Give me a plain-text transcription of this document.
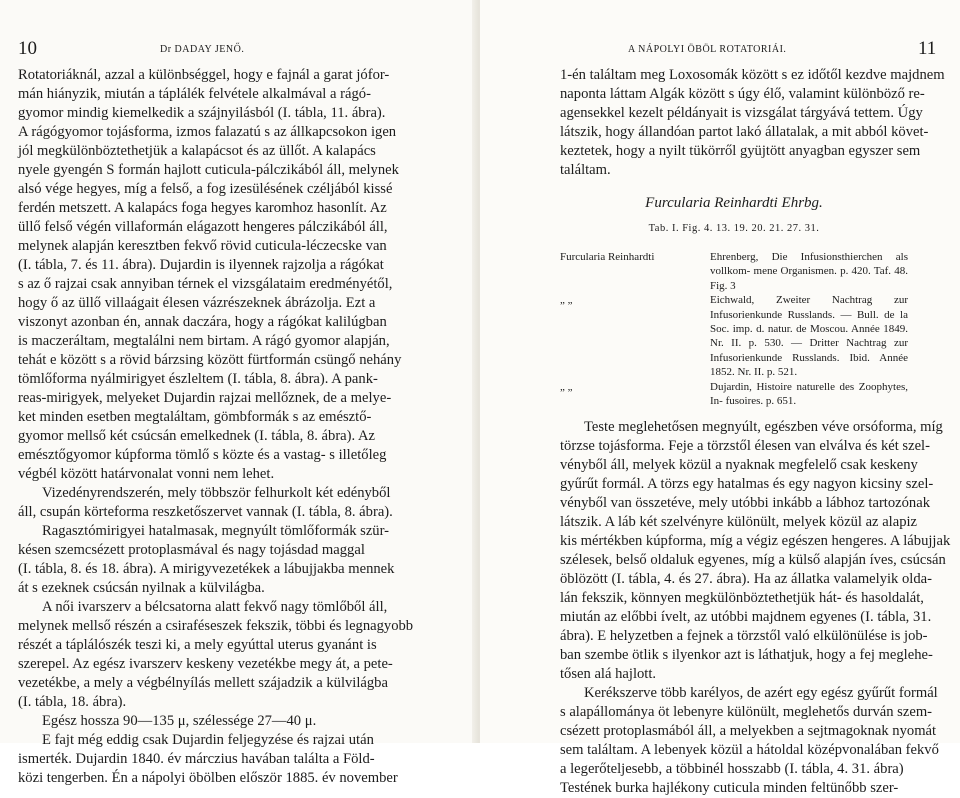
10	Dr DADAY JENŐ.
Rotatoriáknál, azzal a különbséggel, hogy e fajnál a garat jófor-
mán hiányzik, miután a táplálék felvétele alkalmával a rágó-
gyomor mindig kiemelkedik a szájnyilásból (I. tábla, 11. ábra).
A rágógyomor tojásforma, izmos falazatú s az állkapcsokon igen
jól megkülönböztethetjük a kalapácsot és az üllőt. A kalapács
nyele gyengén S formán hajlott cuticula-pálczikából áll, melynek
alsó vége hegyes, míg a felső, a fog izesülésének czéljából kissé
ferdén metszett. A kalapács foga hegyes karomhoz hasonlít. Az
üllő felső végén villaformán elágazott hengeres pálczikából áll,
melynek alapján keresztben fekvő rövid cuticula-léczecske van
(I. tábla, 7. és 11. ábra). Dujardin is ilyennek rajzolja a rágókat
s az ő rajzai csak annyiban térnek el vizsgálataim eredményétől,
hogy ő az üllő villaágait élesen vázrészeknek ábrázolja. Ezt a
viszonyt azonban én, annak daczára, hogy a rágókat kalilúgban
is maczeráltam, megtalálni nem birtam. A rágó gyomor alapján,
tehát e között s a rövid bárzsing között fürtformán csüngő nehány
tömlőforma nyálmirigyet észleltem (I. tábla, 8. ábra). A pank-
reas-mirigyek, melyeket Dujardin rajzai mellőznek, de a melye-
ket minden esetben megtaláltam, gömbformák s az emésztő-
gyomor mellső két csúcsán emelkednek (I. tábla, 8. ábra). Az
emésztőgyomor kúpforma tömlő s közte és a vastag- s illetőleg
végbél között határvonalat vonni nem lehet.
Vizedényrendszerén, mely többször felhurkolt két edényből
áll, csupán körteforma reszketőszervet vannak (I. tábla, 8. ábra).
Ragasztómirigyei hatalmasak, megnyúlt tömlőformák szür-
késen szemcsézett protoplasmával és nagy tojásdad maggal
(I. tábla, 8. és 18. ábra). A mirigyvezetékek a lábujjakba mennek
át s ezeknek csúcsán nyilnak a külvilágba.
A női ivarszerv a bélcsatorna alatt fekvő nagy tömlőből áll,
melynek mellső részén a csiraféseszek fekszik, többi és legnagyobb
részét a táplálószék teszi ki, a mely egyúttal uterus gyanánt is
szerepel. Az egész ivarszerv keskeny vezetékbe megy át, a pete-
vezetékbe, a mely a végbélnyílás mellett szájadzik a külvilágba
(I. tábla, 18. ábra).
Egész hossza 90—135 μ, szélessége 27—40 μ.
E fajt még eddig csak Dujardin feljegyzése és rajzai után
ismerték. Dujardin 1840. év márczius havában találta a Föld-
közi tengerben. Én a nápolyi öbölben először 1885. év november
A NÁPOLYI ÖBÖL ROTATORIÁI.	11
1-én találtam meg Loxosomák között s ez időtől kezdve majdnem
naponta láttam Algák között s úgy élő, valamint különböző re-
agensekkel kezelt példányait is vizsgálat tárgyává tettem. Úgy
látszik, hogy állandóan partot lakó állatalak, a mit abból követ-
keztetek, hogy a nyilt tükörről gyüjtött anyagban egyszer sem
találtam.
Furcularia Reinhardti Ehrbg.
Tab. I. Fig. 4. 13. 19. 20. 21. 27. 31.
Furcularia Reinhardti	Ehrenberg, Die Infusionsthierchen als vollkom- mene Organismen. p. 420. Taf. 48. Fig. 3
„ „	Eichwald, Zweiter Nachtrag zur Infusorienkunde Russlands. — Bull. de la Soc. imp. d. natur. de Moscou. Année 1849. Nr. II. p. 530. — Dritter Nachtrag zur Infusorienkunde Russlands. Ibid. Année 1852. Nr. II. p. 521.
„ „	Dujardin, Histoire naturelle des Zoophytes, In- fusoires. p. 651.
Teste meglehetősen megnyúlt, egészben véve orsóforma, míg
törzse tojásforma. Feje a törzstől élesen van elválva és két szel-
vényből áll, melyek közül a nyaknak megfelelő csak keskeny
gyűrűt formál. A törzs egy hatalmas és egy nagyon kicsiny szel-
vényből van összetéve, mely utóbbi inkább a lábhoz tartozónak
látszik. A láb két szelvényre különült, melyek közül az alapiz
kis mértékben kúpforma, míg a végiz egészen hengeres. A lábujjak
szélesek, belső oldaluk egyenes, míg a külső alapján íves, csúcsán
öblözött (I. tábla, 4. és 27. ábra). Ha az állatka valamelyik olda-
lán fekszik, könnyen megkülönböztethetjük hát- és hasoldalát,
miután az előbbi ívelt, az utóbbi majdnem egyenes (I. tábla, 31.
ábra). E helyzetben a fejnek a törzstől való elkülönülése is job-
ban szembe ötlik s ilyenkor azt is láthatjuk, hogy a fej meglehe-
tősen alá hajlott.
Kerékszerve több karélyos, de azért egy egész gyűrűt formál
s alapállománya öt lebenyre különült, meglehetős durván szem-
csézett protoplasmából áll, a melyekben a sejtmagoknak nyomát
sem találtam. A lebenyek közül a hátoldal középvonalában fekvő
a legerőteljesebb, a többinél hosszabb (I. tábla, 4. 31. ábra)
Testének burka hajlékony cuticula minden feltünőbb szer-
